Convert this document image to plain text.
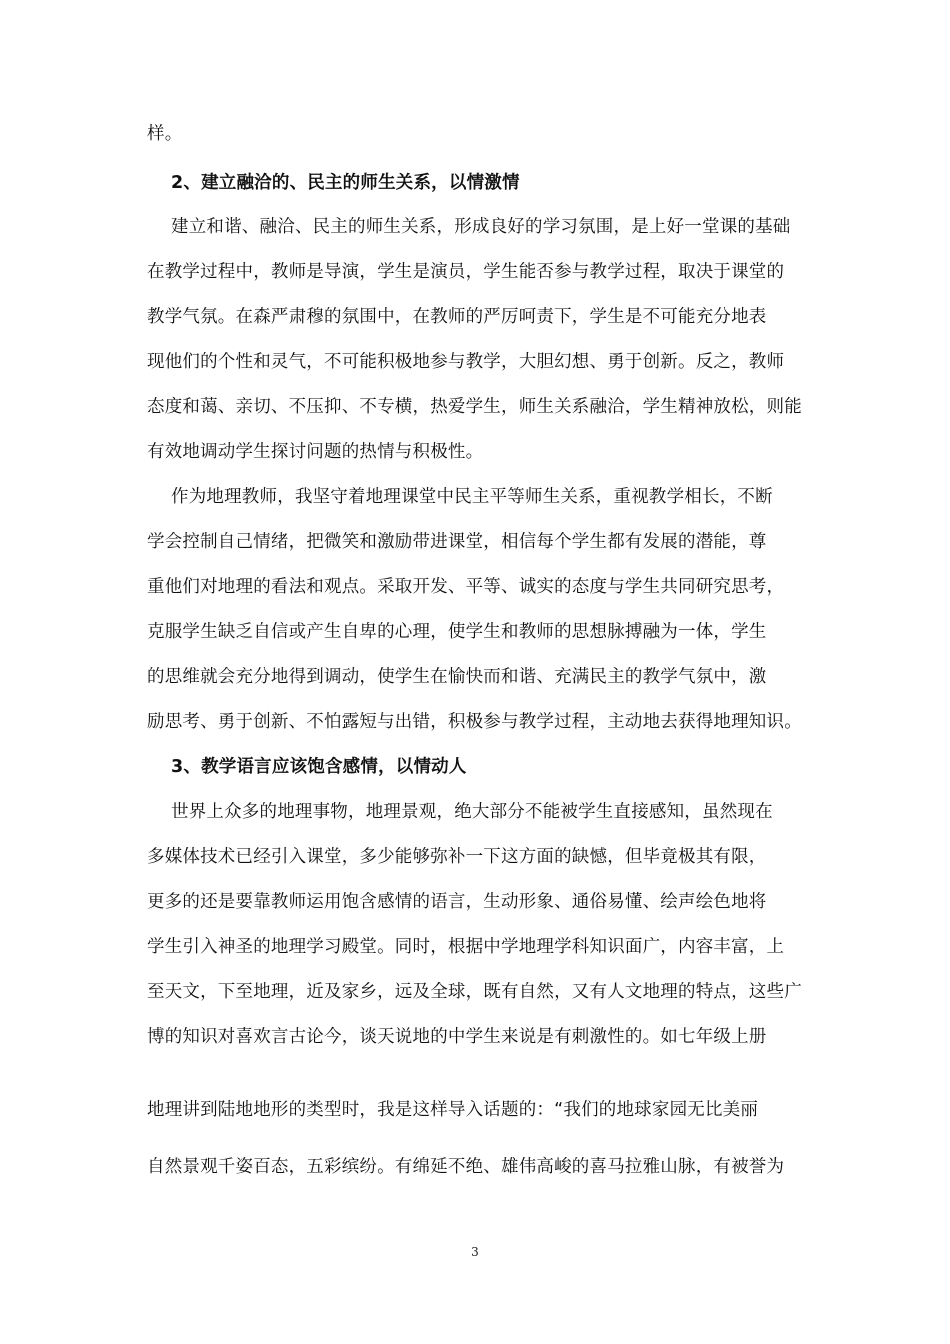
样。
2、建立融洽的、民主的师生关系，以情激情
建立和谐、融洽、民主的师生关系，形成良好的学习氛围，是上好一堂课的基础
在教学过程中，教师是导演，学生是演员，学生能否参与教学过程，取决于课堂的
教学气氛。在森严肃穆的氛围中，在教师的严厉呵责下，学生是不可能充分地表
现他们的个性和灵气，不可能积极地参与教学，大胆幻想、勇于创新。反之，教师
态度和蔼、亲切、不压抑、不专横，热爱学生，师生关系融洽，学生精神放松，则能
有效地调动学生探讨问题的热情与积极性。
作为地理教师，我坚守着地理课堂中民主平等师生关系，重视教学相长，不断
学会控制自己情绪，把微笑和激励带进课堂，相信每个学生都有发展的潜能，尊
重他们对地理的看法和观点。采取开发、平等、诚实的态度与学生共同研究思考，
克服学生缺乏自信或产生自卑的心理，使学生和教师的思想脉搏融为一体，学生
的思维就会充分地得到调动，使学生在愉快而和谐、充满民主的教学气氛中，激
励思考、勇于创新、不怕露短与出错，积极参与教学过程，主动地去获得地理知识。
3、教学语言应该饱含感情，以情动人
世界上众多的地理事物，地理景观，绝大部分不能被学生直接感知，虽然现在
多媒体技术已经引入课堂，多少能够弥补一下这方面的缺憾，但毕竟极其有限，
更多的还是要靠教师运用饱含感情的语言，生动形象、通俗易懂、绘声绘色地将
学生引入神圣的地理学习殿堂。同时，根据中学地理学科知识面广，内容丰富，上
至天文，下至地理，近及家乡，远及全球，既有自然，又有人文地理的特点，这些广
博的知识对喜欢言古论今，谈天说地的中学生来说是有刺激性的。如七年级上册
地理讲到陆地地形的类型时，我是这样导入话题的：“我们的地球家园无比美丽
自然景观千姿百态，五彩缤纷。有绵延不绝、雄伟高峻的喜马拉雅山脉，有被誉为
3
